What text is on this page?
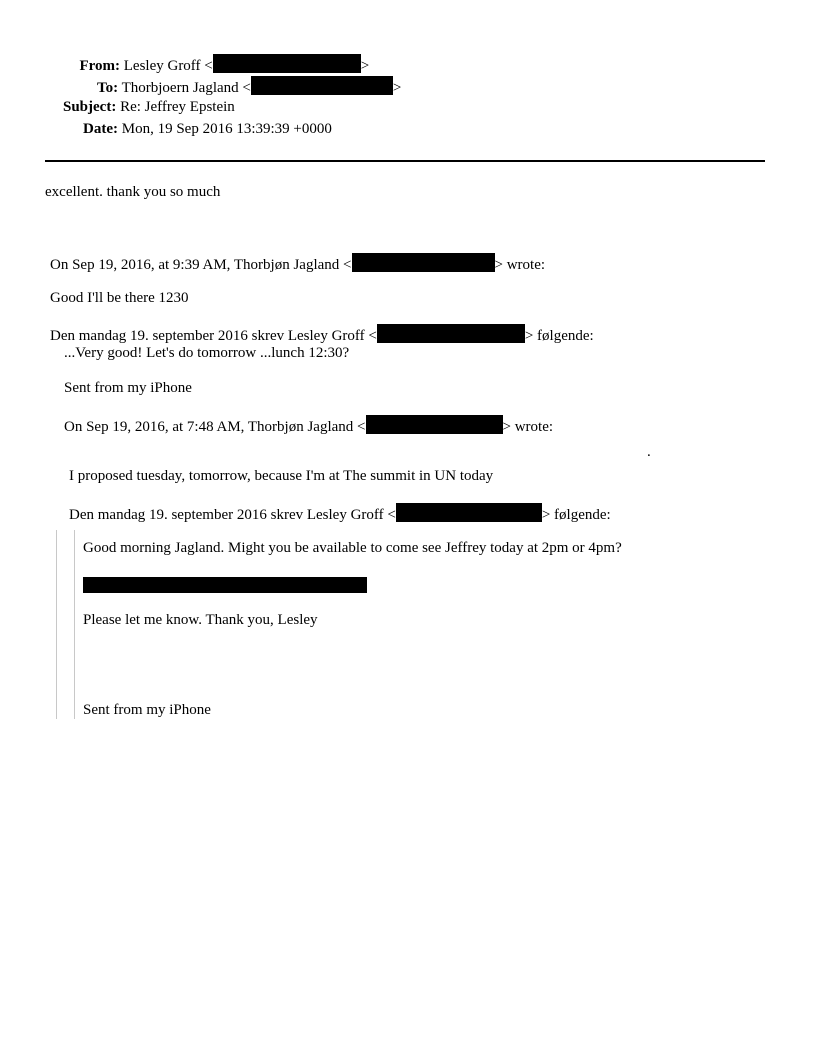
From: Lesley Groff <	>
To: Thorbjoern Jagland <	>
Subject: Re: Jeffrey Epstein
Date: Mon, 19 Sep 2016 13:39:39 +0000
excellent. thank you so much
On Sep 19, 2016, at 9:39 AM, Thorbjøn Jagland <	> wrote:
Good I'll be there 1230
Den mandag 19. september 2016 skrev Lesley Groff <	> følgende:
...Very good! Let's do tomorrow ...lunch 12:30?
Sent from my iPhone
On Sep 19, 2016, at 7:48 AM, Thorbjøn Jagland <	> wrote:
.
I proposed tuesday, tomorrow, because I'm at The summit in UN today
Den mandag 19. september 2016 skrev Lesley Groff <	> følgende:
Good morning Jagland. Might you be available to come see Jeffrey today at 2pm or 4pm?
Please let me know. Thank you, Lesley
Sent from my iPhone
